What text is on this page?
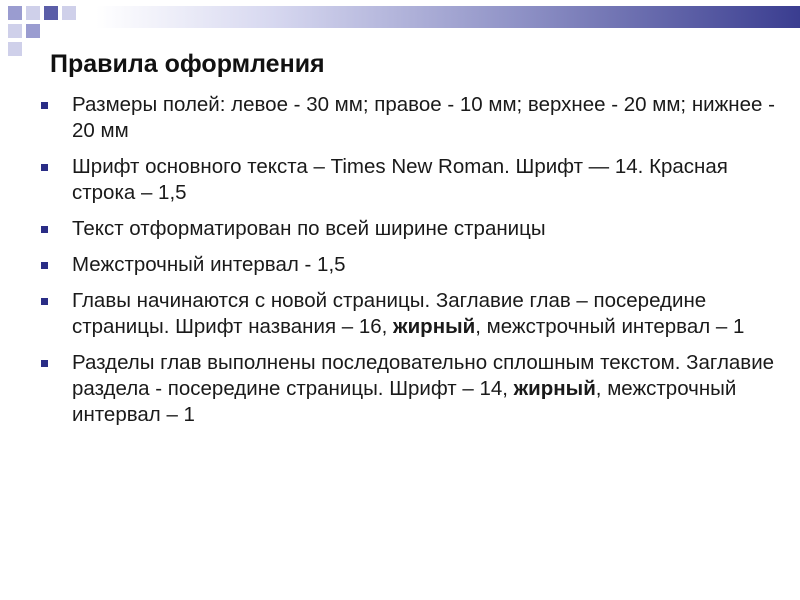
Правила оформления
Размеры полей: левое - 30 мм; правое - 10 мм; верхнее - 20 мм; нижнее - 20 мм
Шрифт основного текста – Times New Roman. Шрифт — 14. Красная строка – 1,5
Текст отформатирован по всей ширине страницы
Межстрочный интервал - 1,5
Главы начинаются с новой страницы. Заглавие глав – посередине страницы. Шрифт названия – 16, жирный, межстрочный интервал – 1
Разделы глав выполнены последовательно сплошным текстом. Заглавие раздела - посередине страницы. Шрифт – 14, жирный, межстрочный интервал – 1
